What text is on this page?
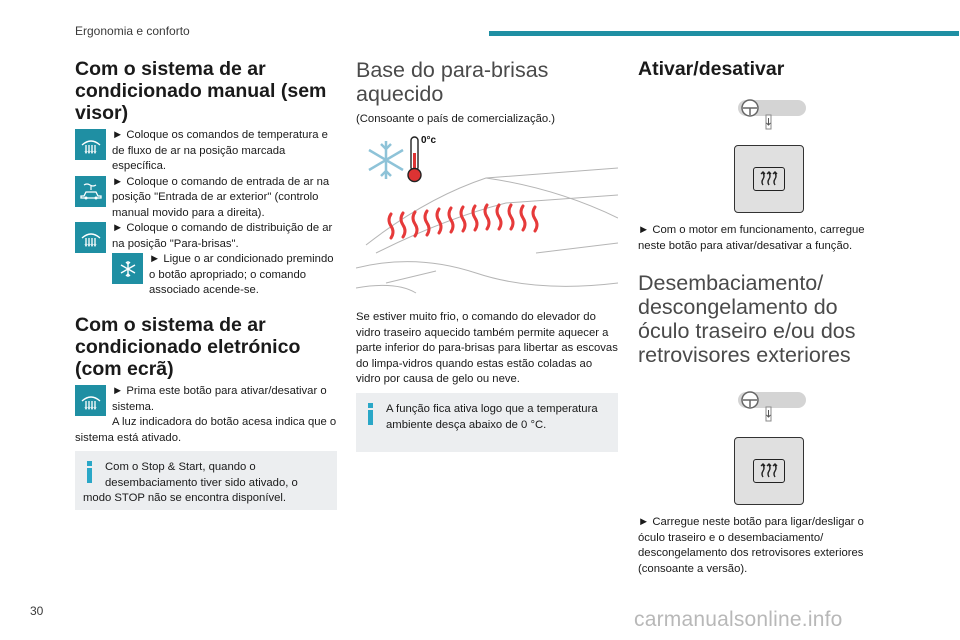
Ergonomia e conforto
Com o sistema de ar condicionado manual (sem visor)
► Coloque os comandos de temperatura e de fluxo de ar na posição marcada específica.
► Coloque o comando de entrada de ar na posição "Entrada de ar exterior" (controlo manual movido para a direita).
► Coloque o comando de distribuição de ar na posição "Para-brisas".
► Ligue o ar condicionado premindo o botão apropriado; o comando associado acende-se.
Com o sistema de ar condicionado eletrónico (com ecrã)
► Prima este botão para ativar/desativar o sistema.
A luz indicadora do botão acesa indica que o sistema está ativado.
Com o Stop & Start, quando o desembaciamento tiver sido ativado, o modo STOP não se encontra disponível.
Base do para-brisas aquecido
(Consoante o país de comercialização.)
0°c
Se estiver muito frio, o comando do elevador do vidro traseiro aquecido também permite aquecer a parte inferior do para-brisas para libertar as escovas do limpa-vidros quando estas estão coladas ao vidro por causa de gelo ou neve.
A função fica ativa logo que a temperatura ambiente desça abaixo de 0 °C.
Ativar/desativar
► Com o motor em funcionamento, carregue neste botão para ativar/desativar a função.
Desembaciamento/ descongelamento do óculo traseiro e/ou dos retrovisores exteriores
► Carregue neste botão para ligar/desligar o óculo traseiro e o desembaciamento/ descongelamento dos retrovisores exteriores (consoante a versão).
30	carmanualsonline.info
